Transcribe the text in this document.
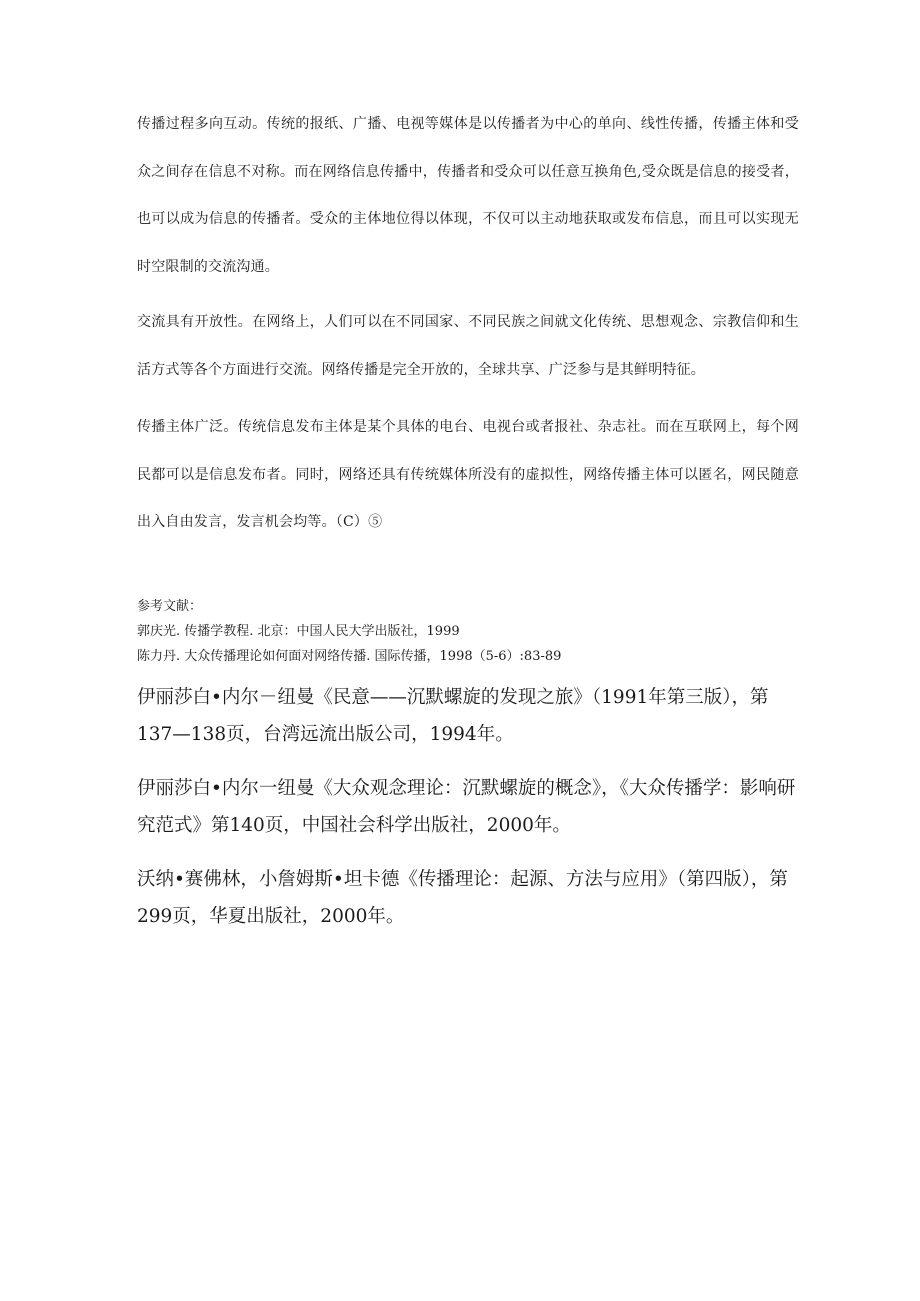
传播过程多向互动。传统的报纸、广播、电视等媒体是以传播者为中心的单向、线性传播，传播主体和受众之间存在信息不对称。而在网络信息传播中，传播者和受众可以任意互换角色,受众既是信息的接受者，也可以成为信息的传播者。受众的主体地位得以体现，不仅可以主动地获取或发布信息，而且可以实现无时空限制的交流沟通。

交流具有开放性。在网络上，人们可以在不同国家、不同民族之间就文化传统、思想观念、宗教信仰和生活方式等各个方面进行交流。网络传播是完全开放的，全球共享、广泛参与是其鲜明特征。

传播主体广泛。传统信息发布主体是某个具体的电台、电视台或者报社、杂志社。而在互联网上，每个网民都可以是信息发布者。同时，网络还具有传统媒体所没有的虚拟性，网络传播主体可以匿名，网民随意出入自由发言，发言机会均等。（C）⑤

参考文献：

郭庆光. 传播学教程. 北京：中国人民大学出版社，1999

陈力丹. 大众传播理论如何面对网络传播. 国际传播，1998（5-6）:83-89

伊丽莎白•内尔－纽曼《民意——沉默螺旋的发现之旅》（1991年第三版），第137—138页，台湾远流出版公司，1994年。

伊丽莎白•内尔一纽曼《大众观念理论：沉默螺旋的概念》，《大众传播学：影响研究范式》第140页，中国社会科学出版社，2000年。

沃纳•赛佛林，小詹姆斯•坦卡德《传播理论：起源、方法与应用》（第四版），第299页，华夏出版社，2000年。
